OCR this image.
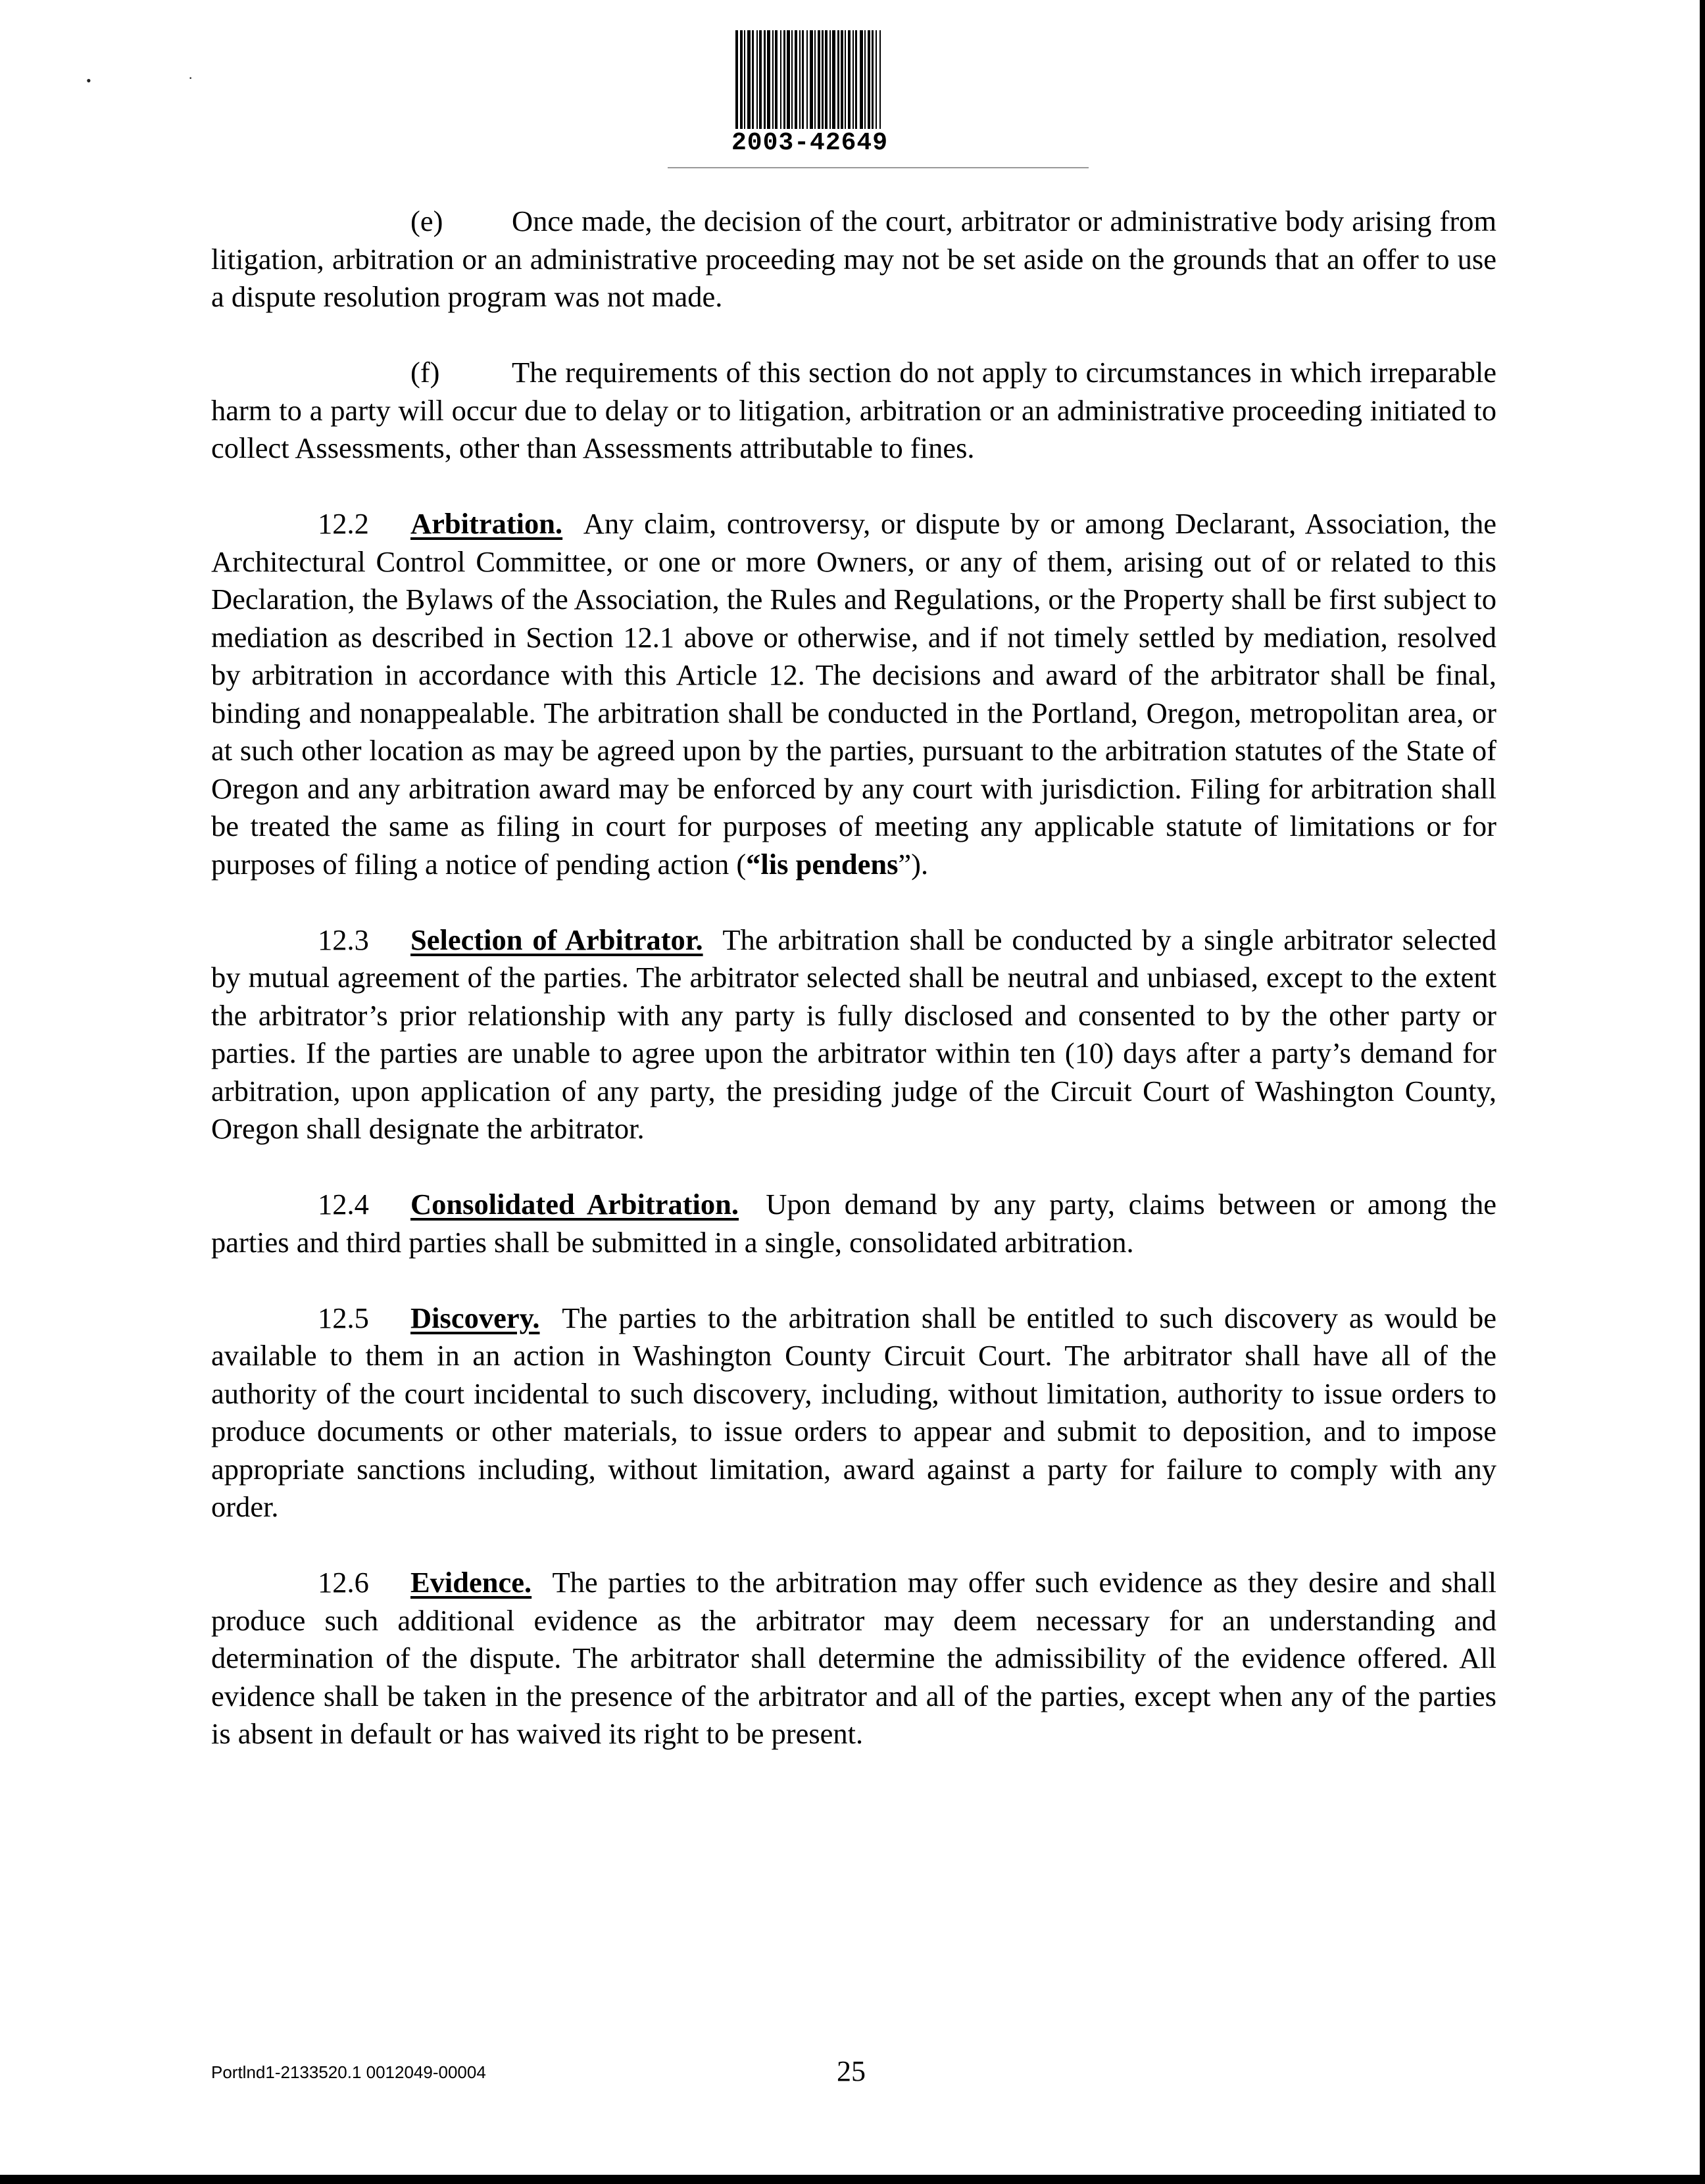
•	·
2003-42649

(e) Once made, the decision of the court, arbitrator or administrative body arising from litigation, arbitration or an administrative proceeding may not be set aside on the grounds that an offer to use a dispute resolution program was not made.

(f) The requirements of this section do not apply to circumstances in which irreparable harm to a party will occur due to delay or to litigation, arbitration or an administrative proceeding initiated to collect Assessments, other than Assessments attributable to fines.

12.2 Arbitration. Any claim, controversy, or dispute by or among Declarant, Association, the Architectural Control Committee, or one or more Owners, or any of them, arising out of or related to this Declaration, the Bylaws of the Association, the Rules and Regulations, or the Property shall be first subject to mediation as described in Section 12.1 above or otherwise, and if not timely settled by mediation, resolved by arbitration in accordance with this Article 12. The decisions and award of the arbitrator shall be final, binding and nonappealable. The arbitration shall be conducted in the Portland, Oregon, metropolitan area, or at such other location as may be agreed upon by the parties, pursuant to the arbitration statutes of the State of Oregon and any arbitration award may be enforced by any court with jurisdiction. Filing for arbitration shall be treated the same as filing in court for purposes of meeting any applicable statute of limitations or for purposes of filing a notice of pending action (“lis pendens”).

12.3 Selection of Arbitrator. The arbitration shall be conducted by a single arbitrator selected by mutual agreement of the parties. The arbitrator selected shall be neutral and unbiased, except to the extent the arbitrator’s prior relationship with any party is fully disclosed and consented to by the other party or parties. If the parties are unable to agree upon the arbitrator within ten (10) days after a party’s demand for arbitration, upon application of any party, the presiding judge of the Circuit Court of Washington County, Oregon shall designate the arbitrator.

12.4 Consolidated Arbitration. Upon demand by any party, claims between or among the parties and third parties shall be submitted in a single, consolidated arbitration.

12.5 Discovery. The parties to the arbitration shall be entitled to such discovery as would be available to them in an action in Washington County Circuit Court. The arbitrator shall have all of the authority of the court incidental to such discovery, including, without limitation, authority to issue orders to produce documents or other materials, to issue orders to appear and submit to deposition, and to impose appropriate sanctions including, without limitation, award against a party for failure to comply with any order.

12.6 Evidence. The parties to the arbitration may offer such evidence as they desire and shall produce such additional evidence as the arbitrator may deem necessary for an understanding and determination of the dispute. The arbitrator shall determine the admissibility of the evidence offered. All evidence shall be taken in the presence of the arbitrator and all of the parties, except when any of the parties is absent in default or has waived its right to be present.

Portlnd1-2133520.1 0012049-00004	25
